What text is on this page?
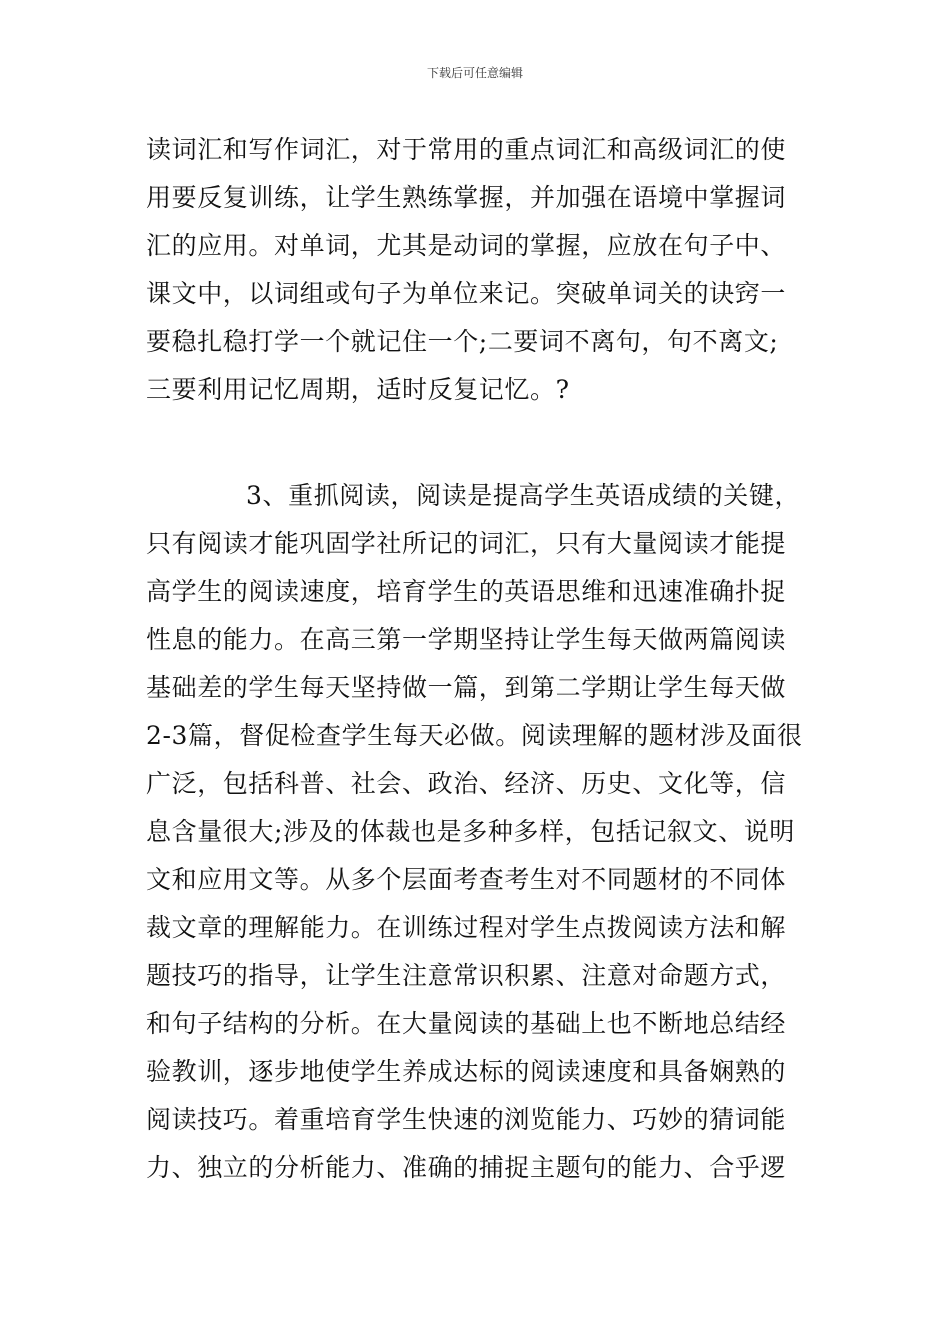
下载后可任意编辑
读词汇和写作词汇，对于常用的重点词汇和高级词汇的使
用要反复训练，让学生熟练掌握，并加强在语境中掌握词
汇的应用。对单词，尤其是动词的掌握，应放在句子中、
课文中，以词组或句子为单位来记。突破单词关的诀窍一
要稳扎稳打学一个就记住一个;二要词不离句，句不离文;
三要利用记忆周期，适时反复记忆。?
3、重抓阅读，阅读是提高学生英语成绩的关键，
只有阅读才能巩固学社所记的词汇，只有大量阅读才能提
高学生的阅读速度，培育学生的英语思维和迅速准确扑捉
性息的能力。在高三第一学期坚持让学生每天做两篇阅读
基础差的学生每天坚持做一篇，到第二学期让学生每天做
2-3篇，督促检查学生每天必做。阅读理解的题材涉及面很
广泛，包括科普、社会、政治、经济、历史、文化等，信
息含量很大;涉及的体裁也是多种多样，包括记叙文、说明
文和应用文等。从多个层面考查考生对不同题材的不同体
裁文章的理解能力。在训练过程对学生点拨阅读方法和解
题技巧的指导，让学生注意常识积累、注意对命题方式，
和句子结构的分析。在大量阅读的基础上也不断地总结经
验教训，逐步地使学生养成达标的阅读速度和具备娴熟的
阅读技巧。着重培育学生快速的浏览能力、巧妙的猜词能
力、独立的分析能力、准确的捕捉主题句的能力、合乎逻
